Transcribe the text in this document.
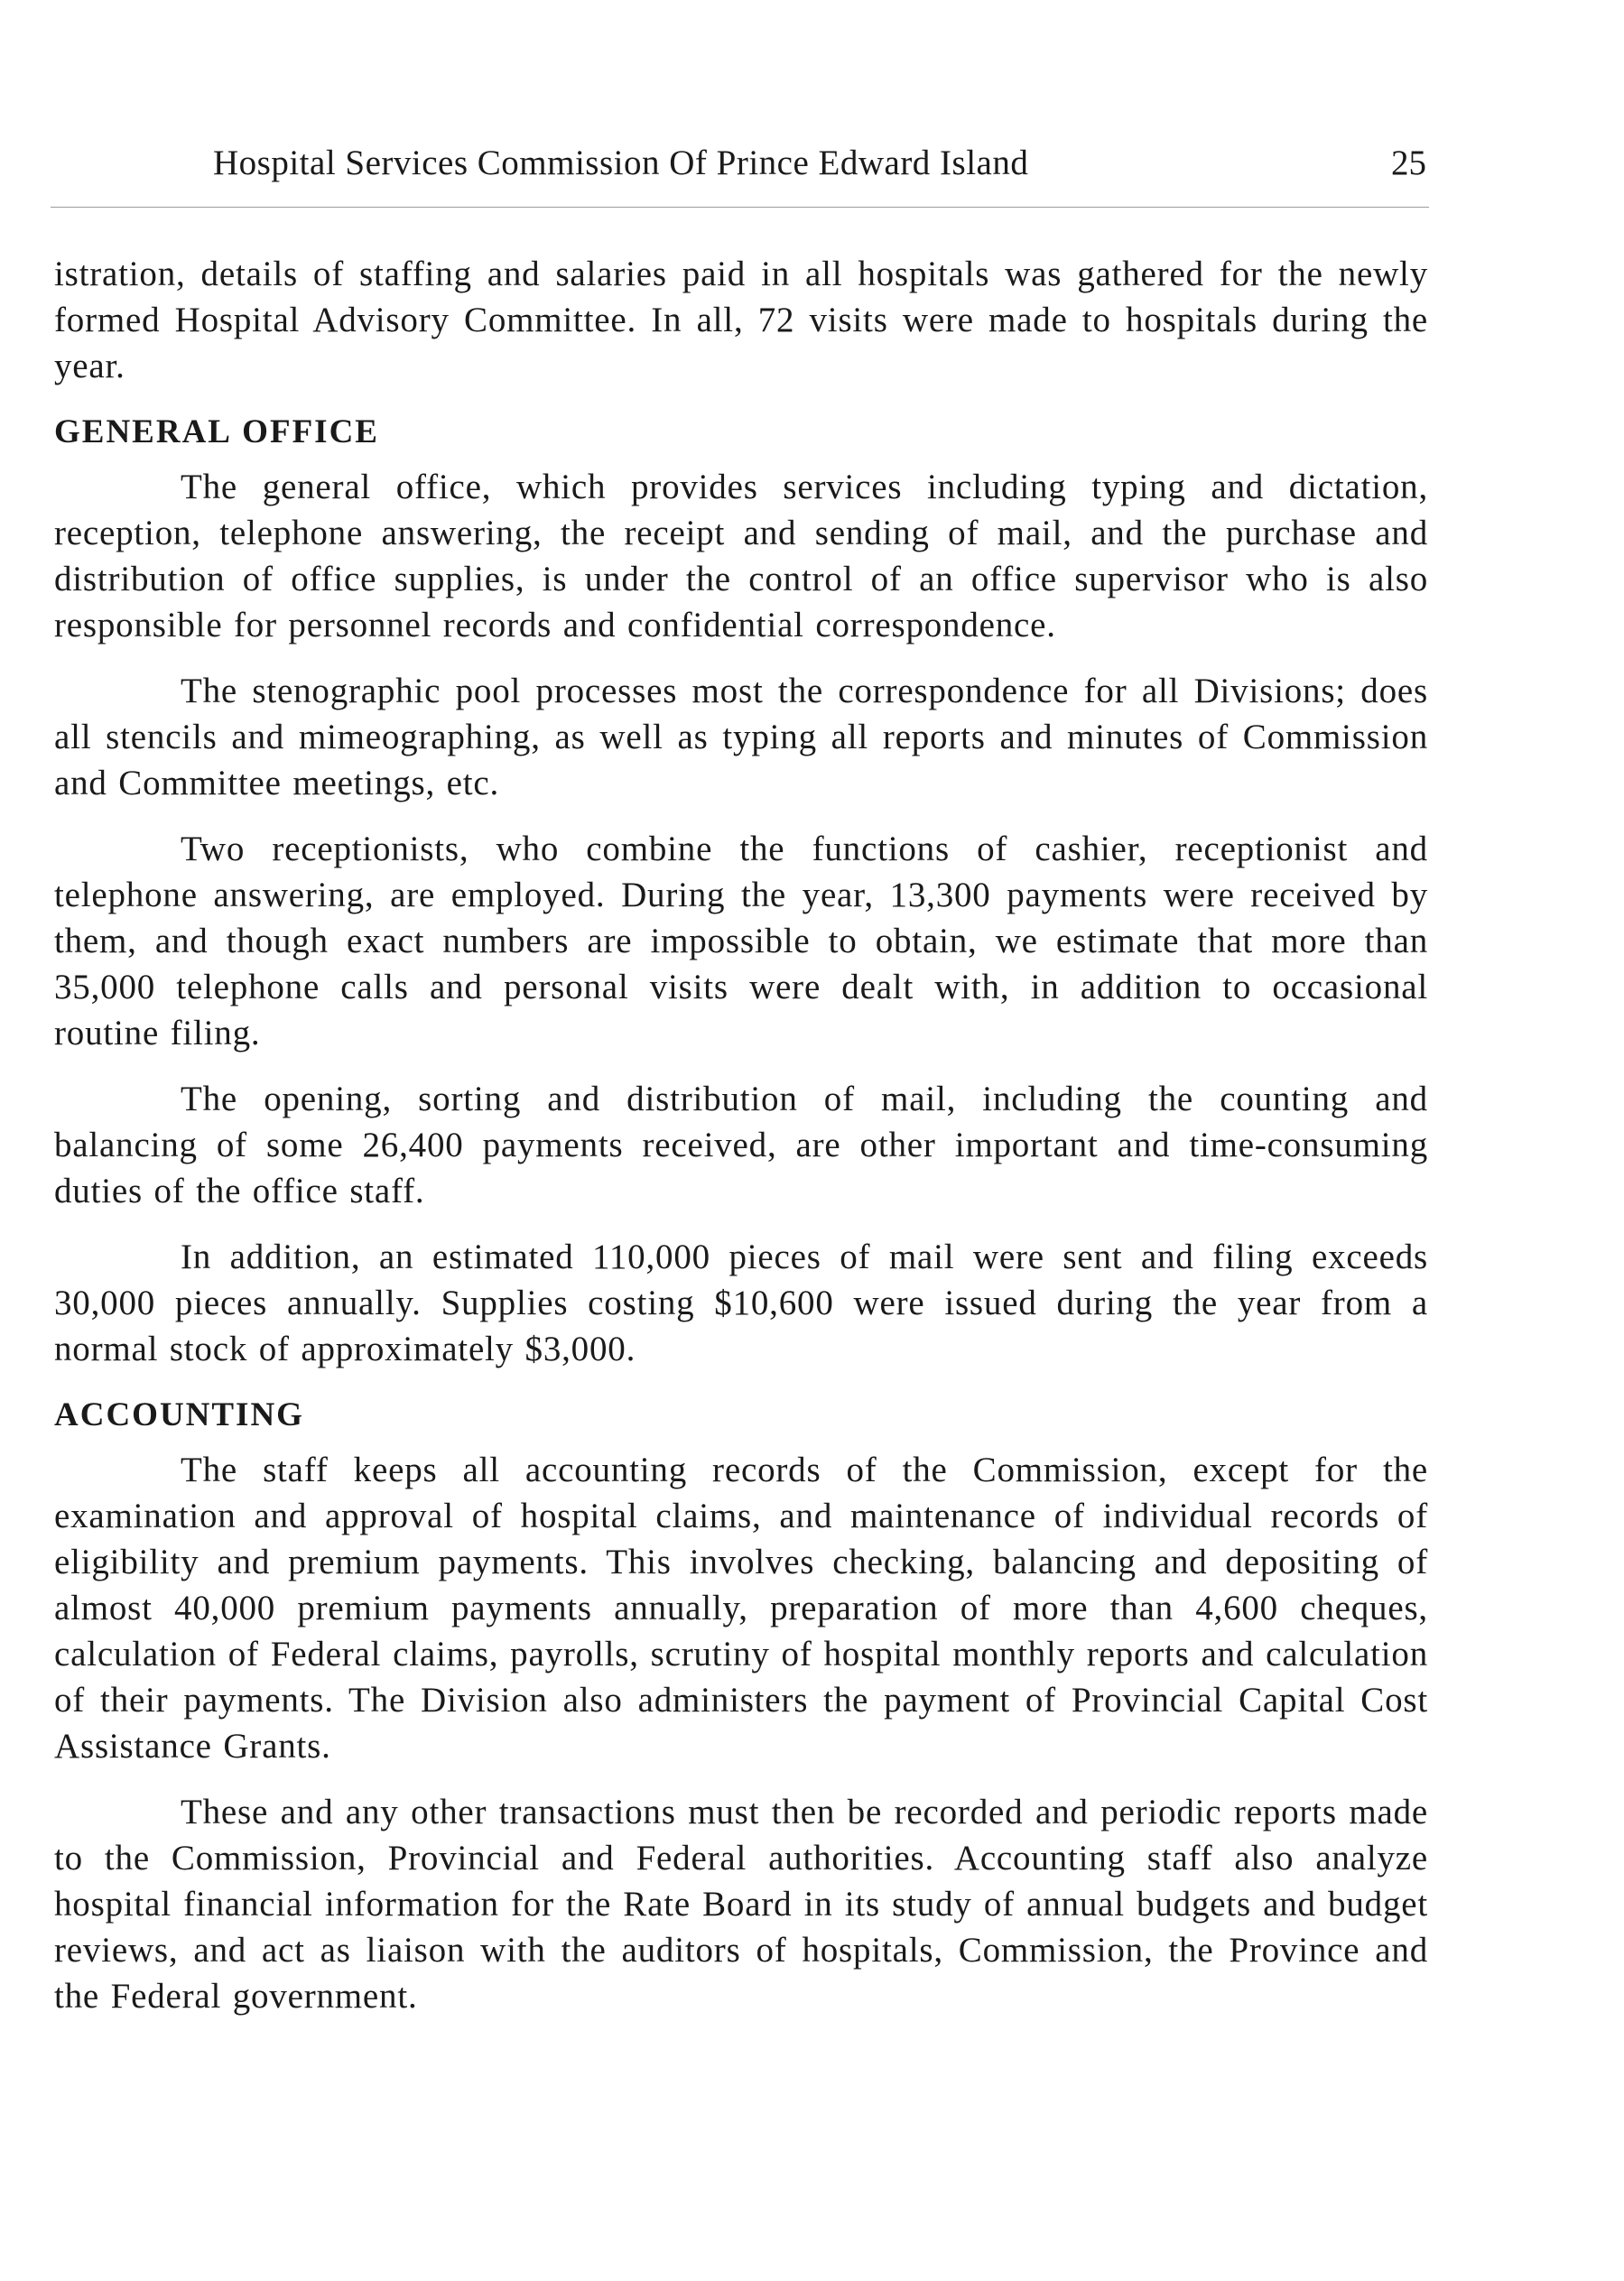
Hospital Services Commission Of Prince Edward Island	25

istration, details of staffing and salaries paid in all hospitals was gathered for the newly formed Hospital Advisory Committee. In all, 72 visits were made to hospitals during the year.

GENERAL OFFICE

The general office, which provides services including typing and dictation, reception, telephone answering, the receipt and sending of mail, and the purchase and distribution of office supplies, is under the control of an office supervisor who is also responsible for personnel records and confidential correspondence.

The stenographic pool processes most the correspondence for all Divisions; does all stencils and mimeographing, as well as typing all reports and minutes of Commission and Committee meetings, etc.

Two receptionists, who combine the functions of cashier, receptionist and telephone answering, are employed. During the year, 13,300 payments were received by them, and though exact numbers are impossible to obtain, we estimate that more than 35,000 telephone calls and personal visits were dealt with, in addition to occasional routine filing.

The opening, sorting and distribution of mail, including the counting and balancing of some 26,400 payments received, are other important and time-consuming duties of the office staff.

In addition, an estimated 110,000 pieces of mail were sent and filing exceeds 30,000 pieces annually. Supplies costing $10,600 were issued during the year from a normal stock of approximately $3,000.

ACCOUNTING

The staff keeps all accounting records of the Commission, except for the examination and approval of hospital claims, and maintenance of individual records of eligibility and premium payments. This involves checking, balancing and depositing of almost 40,000 premium payments annually, preparation of more than 4,600 cheques, calculation of Federal claims, payrolls, scrutiny of hospital monthly reports and calculation of their payments. The Division also administers the payment of Provincial Capital Cost Assistance Grants.

These and any other transactions must then be recorded and periodic reports made to the Commission, Provincial and Federal authorities. Accounting staff also analyze hospital financial information for the Rate Board in its study of annual budgets and budget reviews, and act as liaison with the auditors of hospitals, Commission, the Province and the Federal government.
